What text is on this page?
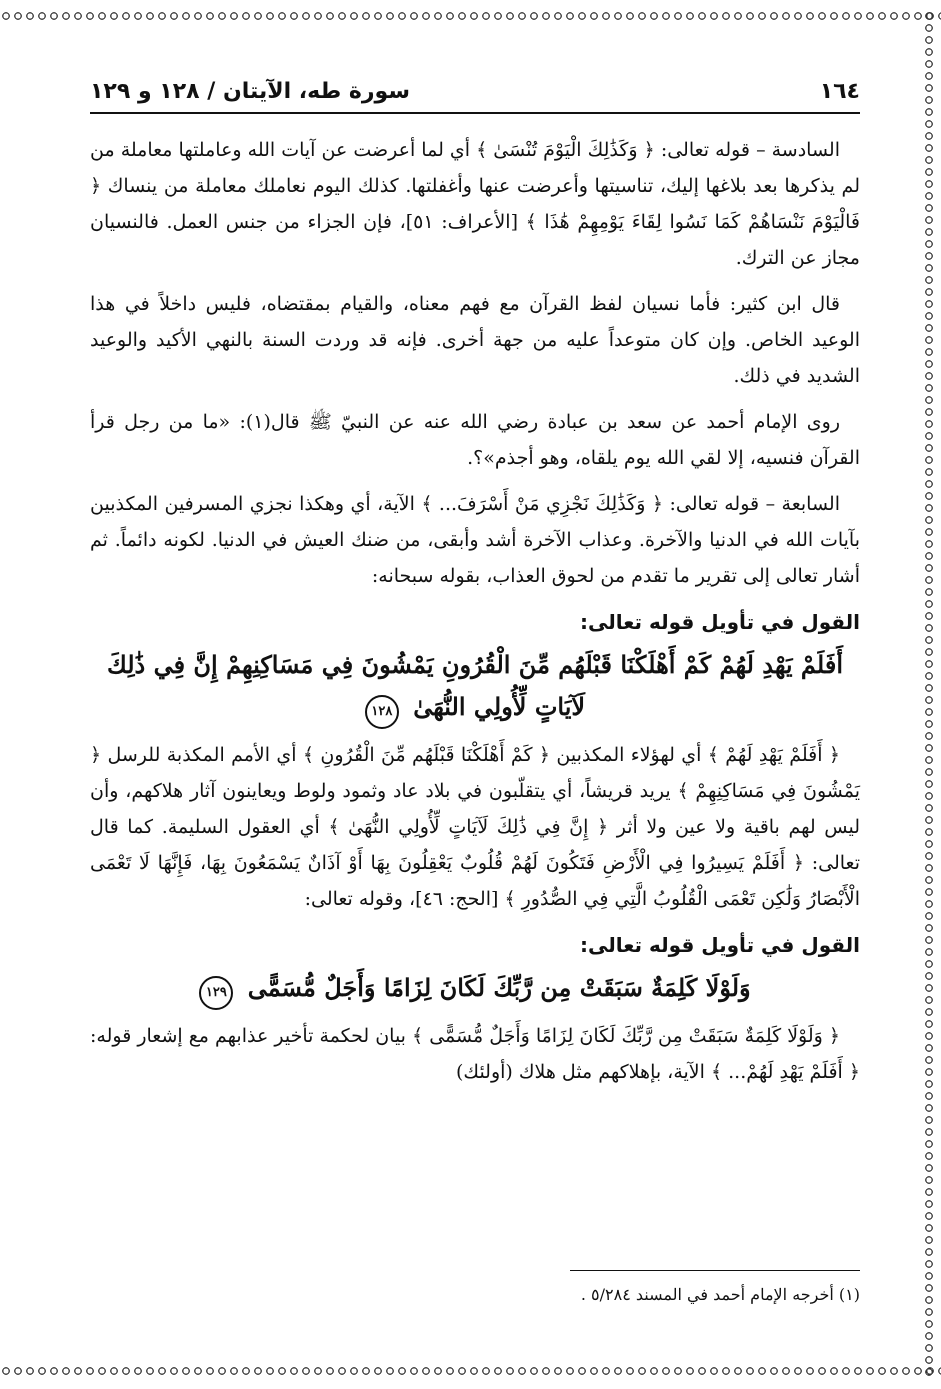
١٦٤
سورة طه، الآيتان / ١٢٨ و ١٢٩

السادسة – قوله تعالى: ﴿ وَكَذَٰلِكَ الْيَوْمَ تُنْسَىٰ ﴾ أي لما أعرضت عن آيات الله وعاملتها معاملة من لم يذكرها بعد بلاغها إليك، تناسيتها وأعرضت عنها وأغفلتها. كذلك اليوم نعاملك معاملة من ينساك ﴿ فَالْيَوْمَ نَنْسَاهُمْ كَمَا نَسُوا لِقَاءَ يَوْمِهِمْ هَٰذَا ﴾ [الأعراف: ٥١]، فإن الجزاء من جنس العمل. فالنسيان مجاز عن الترك.

قال ابن كثير: فأما نسيان لفظ القرآن مع فهم معناه، والقيام بمقتضاه، فليس داخلاً في هذا الوعيد الخاص. وإن كان متوعداً عليه من جهة أخرى. فإنه قد وردت السنة بالنهي الأكيد والوعيد الشديد في ذلك.

روى الإمام أحمد عن سعد بن عبادة رضي الله عنه عن النبيّ ﷺ قال(١): «ما من رجل قرأ القرآن فنسيه، إلا لقي الله يوم يلقاه، وهو أجذم»؟.

السابعة – قوله تعالى: ﴿ وَكَذَٰلِكَ نَجْزِي مَنْ أَسْرَفَ... ﴾ الآية، أي وهكذا نجزي المسرفين المكذبين بآيات الله في الدنيا والآخرة. وعذاب الآخرة أشد وأبقى، من ضنك العيش في الدنيا. لكونه دائماً. ثم أشار تعالى إلى تقرير ما تقدم من لحوق العذاب، بقوله سبحانه:

القول في تأويل قوله تعالى:
أَفَلَمْ يَهْدِ لَهُمْ كَمْ أَهْلَكْنَا قَبْلَهُم مِّنَ الْقُرُونِ يَمْشُونَ فِي مَسَاكِنِهِمْ إِنَّ فِي ذَٰلِكَ لَآيَاتٍ لِّأُولِي النُّهَىٰ ١٢٨

﴿ أَفَلَمْ يَهْدِ لَهُمْ ﴾ أي لهؤلاء المكذبين ﴿ كَمْ أَهْلَكْنَا قَبْلَهُم مِّنَ الْقُرُونِ ﴾ أي الأمم المكذبة للرسل ﴿ يَمْشُونَ فِي مَسَاكِنِهِمْ ﴾ يريد قريشاً، أي يتقلّبون في بلاد عاد وثمود ولوط ويعاينون آثار هلاكهم، وأن ليس لهم باقية ولا عين ولا أثر ﴿ إِنَّ فِي ذَٰلِكَ لَآيَاتٍ لِّأُولِي النُّهَىٰ ﴾ أي العقول السليمة. كما قال تعالى: ﴿ أَفَلَمْ يَسِيرُوا فِي الْأَرْضِ فَتَكُونَ لَهُمْ قُلُوبٌ يَعْقِلُونَ بِهَا أَوْ آذَانٌ يَسْمَعُونَ بِهَا، فَإِنَّهَا لَا تَعْمَى الْأَبْصَارُ وَلَٰكِن تَعْمَى الْقُلُوبُ الَّتِي فِي الصُّدُورِ ﴾ [الحج: ٤٦]، وقوله تعالى:

القول في تأويل قوله تعالى:
وَلَوْلَا كَلِمَةٌ سَبَقَتْ مِن رَّبِّكَ لَكَانَ لِزَامًا وَأَجَلٌ مُّسَمًّى ١٢٩

﴿ وَلَوْلَا كَلِمَةٌ سَبَقَتْ مِن رَّبِّكَ لَكَانَ لِزَامًا وَأَجَلٌ مُّسَمًّى ﴾ بيان لحكمة تأخير عذابهم مع إشعار قوله: ﴿ أَفَلَمْ يَهْدِ لَهُمْ... ﴾ الآية، بإهلاكهم مثل هلاك (أولئك)

(١) أخرجه الإمام أحمد في المسند ٥/٢٨٤ .
